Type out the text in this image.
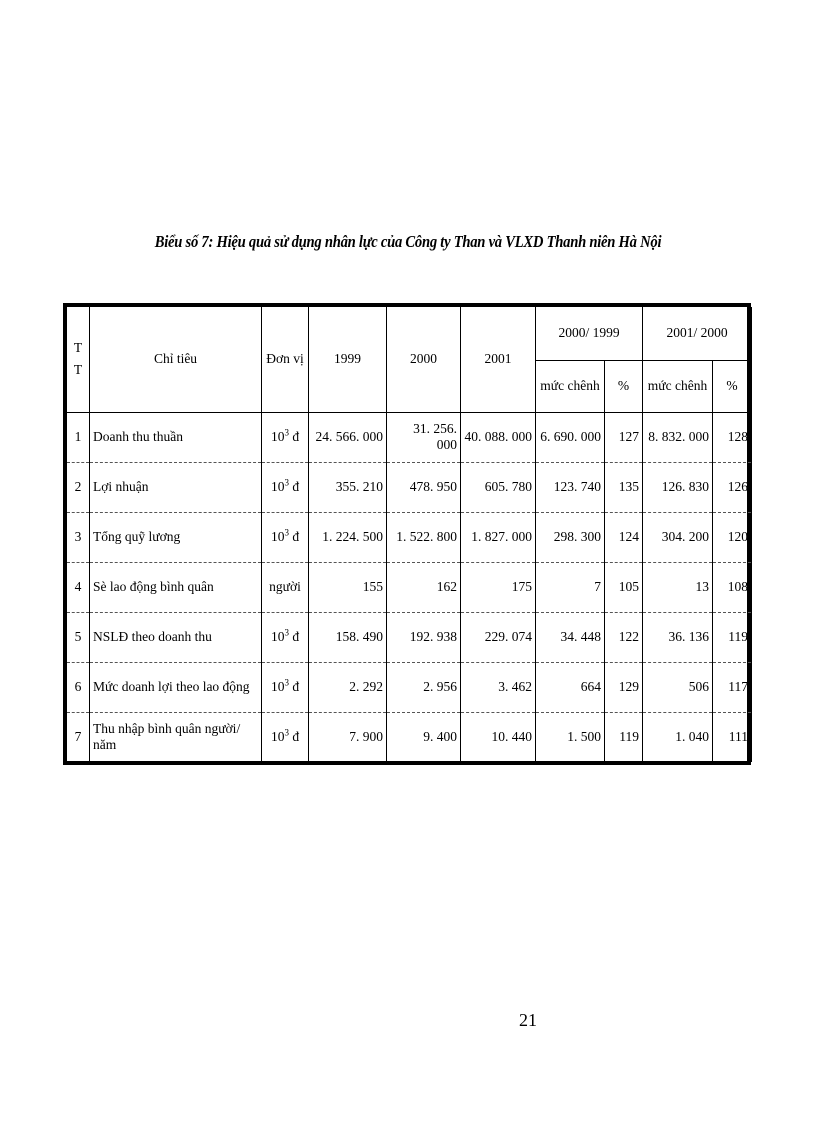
Biểu số 7: Hiệu quả sử dụng nhân lực của Công ty Than và VLXD Thanh niên Hà Nội
T
T	Chỉ tiêu	Đơn vị	1999	2000	2001	2000/ 1999		2001/ 2000	
						mức chênh	%	mức chênh	%
1	Doanh thu thuần	$10^3$ đ	24. 566. 000	31. 256. 000	40. 088. 000	6. 690. 000	127	8. 832. 000	128
2	Lợi nhuận	$10^3$ đ	355. 210	478. 950	605. 780	123. 740	135	126. 830	126
3	Tổng quỹ lương	$10^3$ đ	1. 224. 500	1. 522. 800	1. 827. 000	298. 300	124	304. 200	120
4	Sè lao động bình quân	người	155	162	175	7	105	13	108
5	NSLĐ theo doanh thu	$10^3$ đ	158. 490	192. 938	229. 074	34. 448	122	36. 136	119
6	Mức doanh lợi theo lao động	$10^3$ đ	2. 292	2. 956	3. 462	664	129	506	117
7	Thu nhập bình quân người/ năm	$10^3$ đ	7. 900	9. 400	10. 440	1. 500	119	1. 040	111
21
